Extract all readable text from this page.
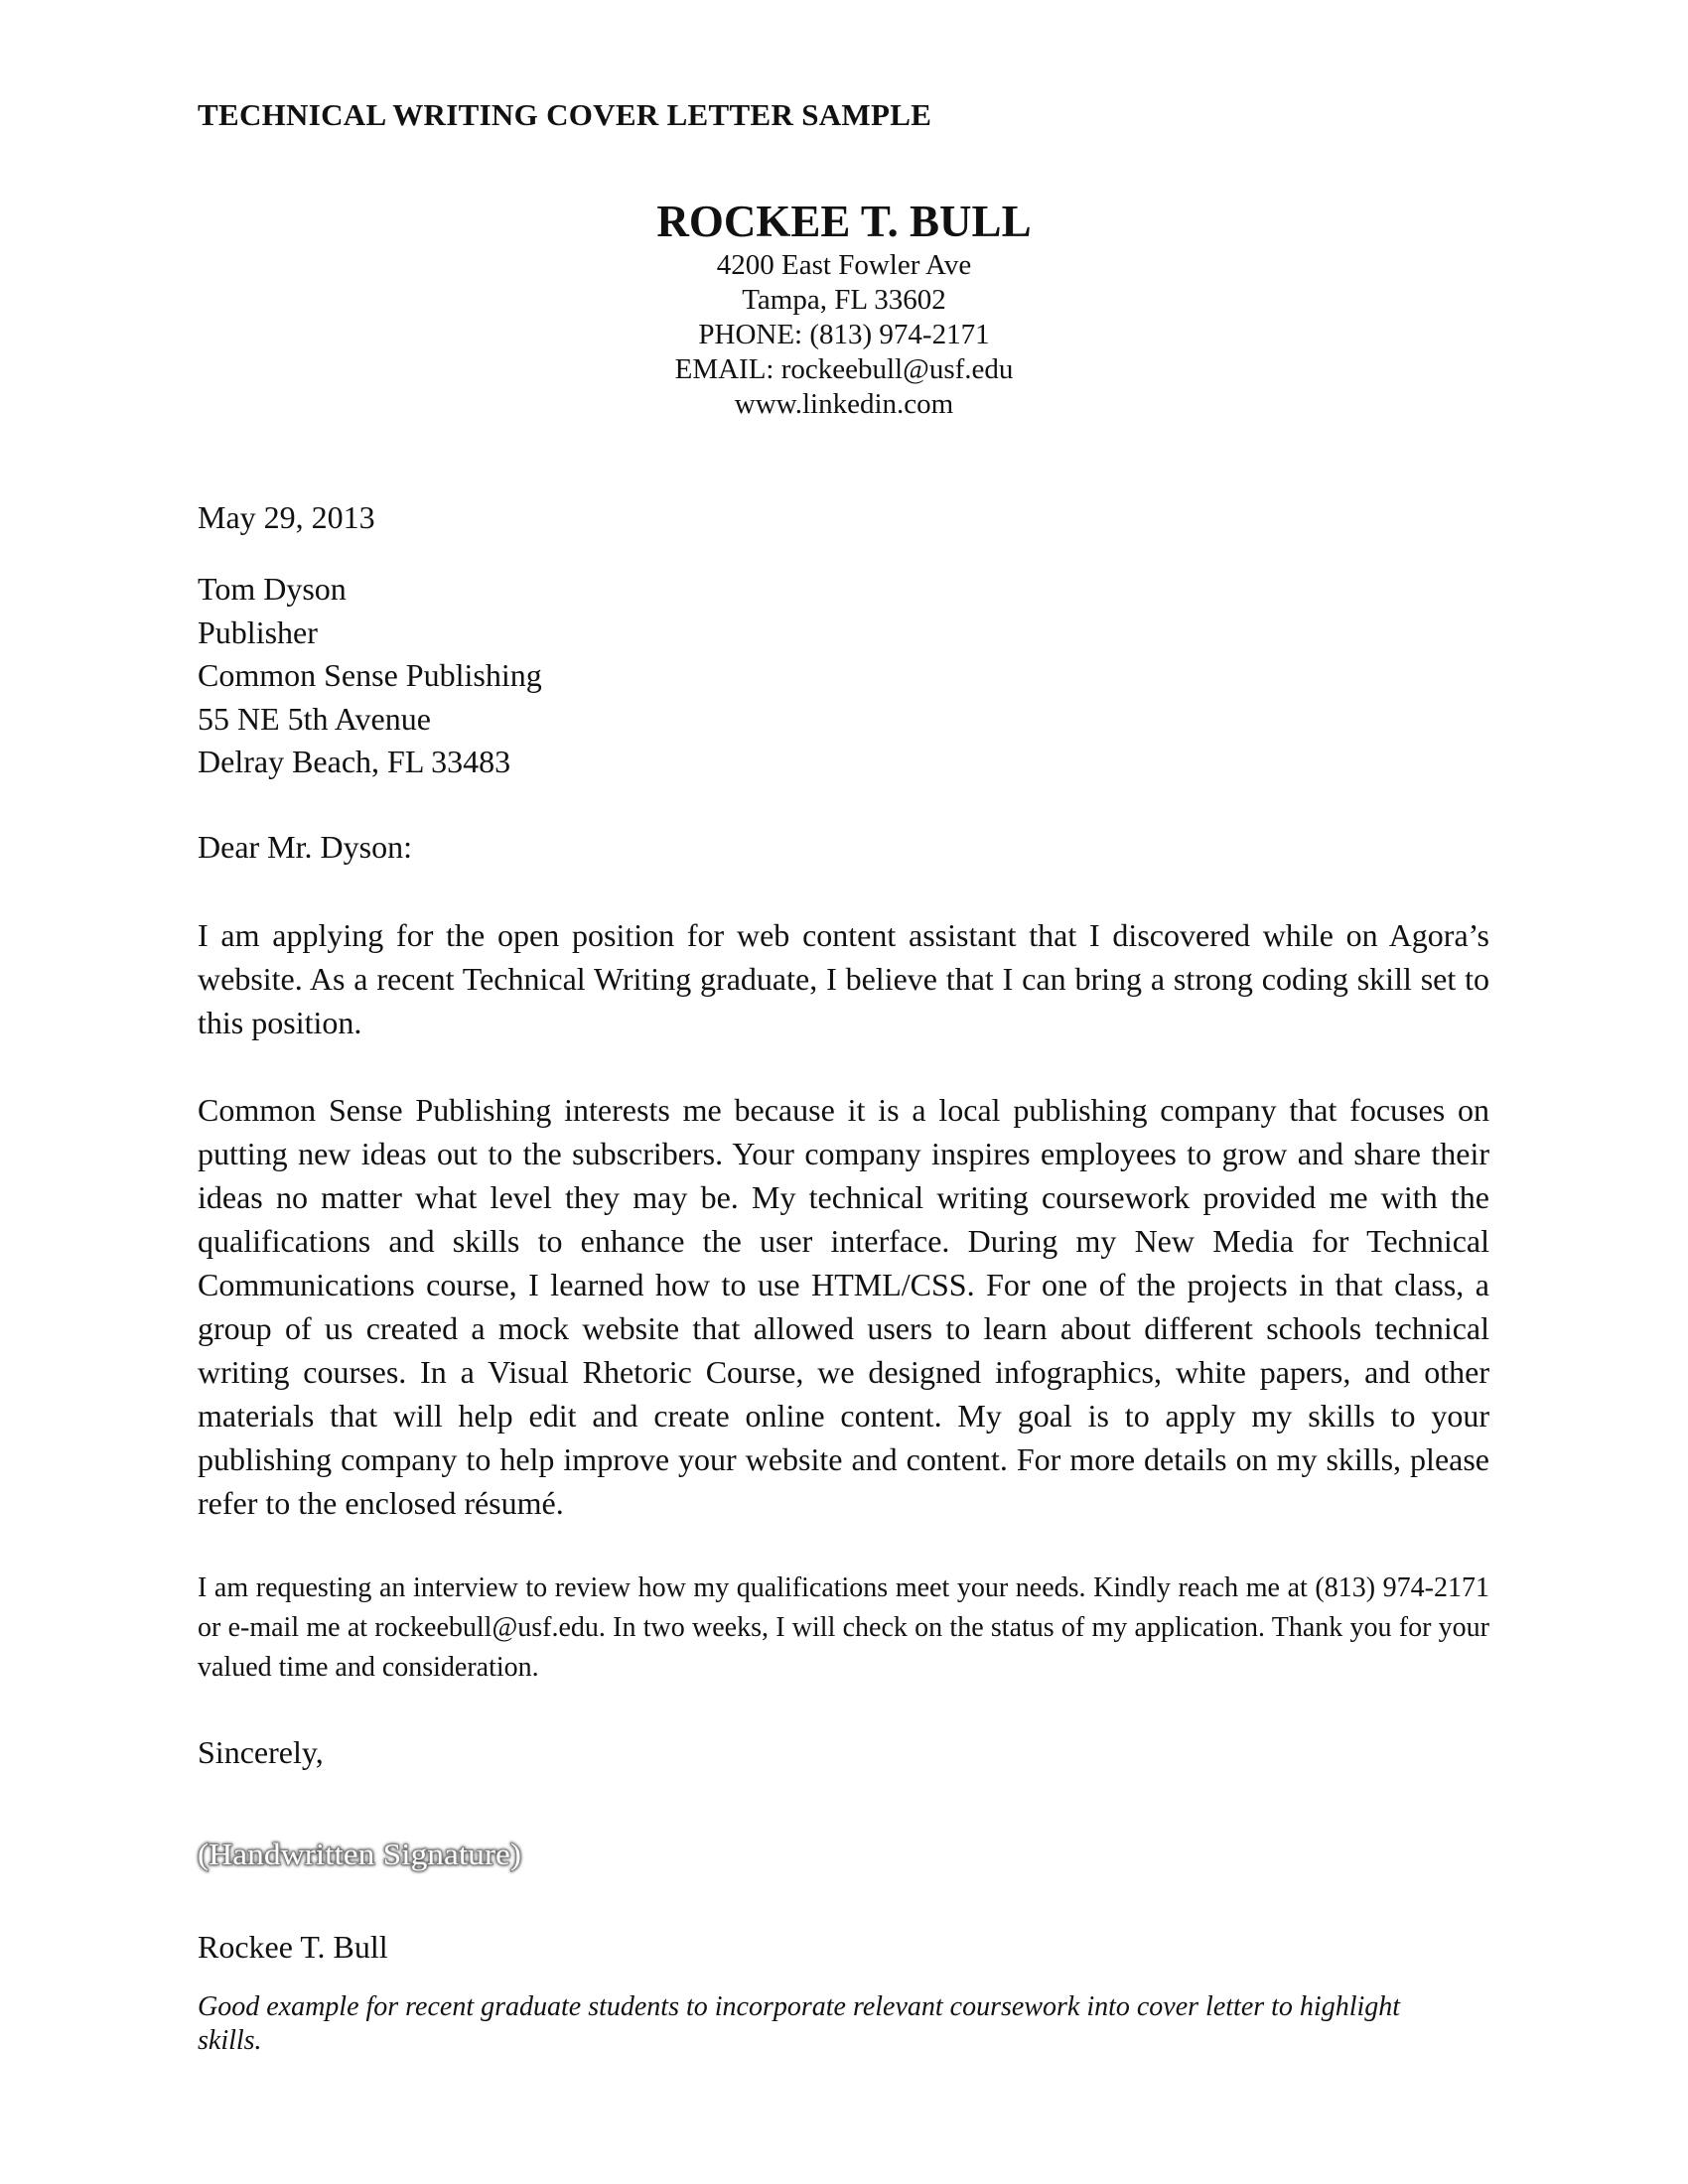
TECHNICAL WRITING COVER LETTER SAMPLE

ROCKEE T. BULL

4200 East Fowler Ave

Tampa, FL 33602

PHONE: (813) 974-2171

EMAIL: rockeebull@usf.edu

www.linkedin.com

May 29, 2013

Tom Dyson

Publisher

Common Sense Publishing

55 NE 5th Avenue

Delray Beach, FL 33483

Dear Mr. Dyson:

I am applying for the open position for web content assistant that I discovered while on Agora’s website. As a recent Technical Writing graduate, I believe that I can bring a strong coding skill set to this position.

Common Sense Publishing interests me because it is a local publishing company that focuses on putting new ideas out to the subscribers. Your company inspires employees to grow and share their ideas no matter what level they may be. My technical writing coursework provided me with the qualifications and skills to enhance the user interface. During my New Media for Technical Communications course, I learned how to use HTML/CSS. For one of the projects in that class, a group of us created a mock website that allowed users to learn about different schools technical writing courses. In a Visual Rhetoric Course, we designed infographics, white papers, and other materials that will help edit and create online content. My goal is to apply my skills to your publishing company to help improve your website and content. For more details on my skills, please refer to the enclosed résumé.

I am requesting an interview to review how my qualifications meet your needs. Kindly reach me at (813) 974-2171 or e-mail me at rockeebull@usf.edu. In two weeks, I will check on the status of my application. Thank you for your valued time and consideration.

Sincerely,
(Handwritten Signature)
Rockee T. Bull

Good example for recent graduate students to incorporate relevant coursework into cover letter to highlight skills.
